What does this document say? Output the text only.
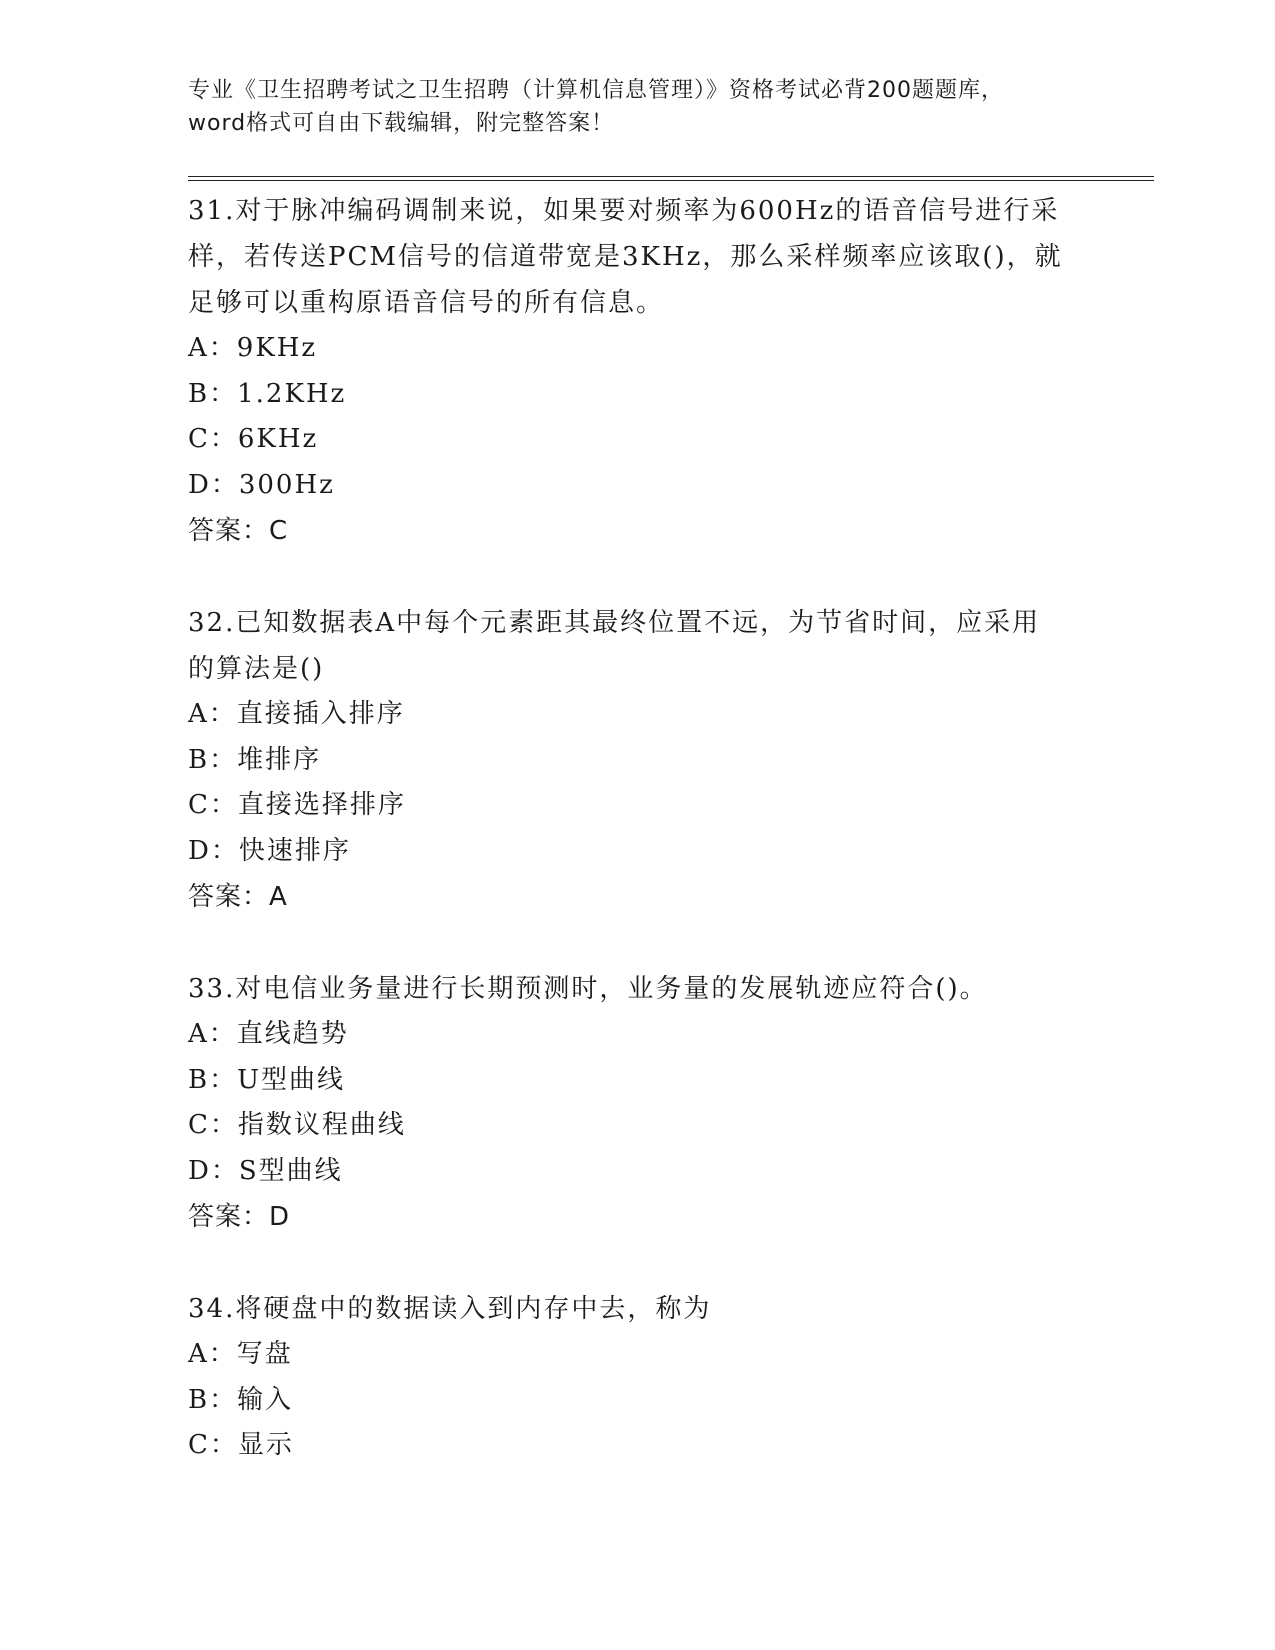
专业《卫生招聘考试之卫生招聘（计算机信息管理）》资格考试必背200题题库，
word格式可自由下载编辑，附完整答案！

31.对于脉冲编码调制来说，如果要对频率为600Hz的语音信号进行采样，若传送PCM信号的信道带宽是3KHz，那么采样频率应该取()，就足够可以重构原语音信号的所有信息。

A：9KHz

B：1.2KHz

C：6KHz

D：300Hz

答案：C

32.已知数据表A中每个元素距其最终位置不远，为节省时间，应采用的算法是()

A：直接插入排序

B：堆排序

C：直接选择排序

D：快速排序

答案：A

33.对电信业务量进行长期预测时，业务量的发展轨迹应符合()。

A：直线趋势

B：U型曲线

C：指数议程曲线

D：S型曲线

答案：D

34.将硬盘中的数据读入到内存中去，称为

A：写盘

B：输入

C：显示
